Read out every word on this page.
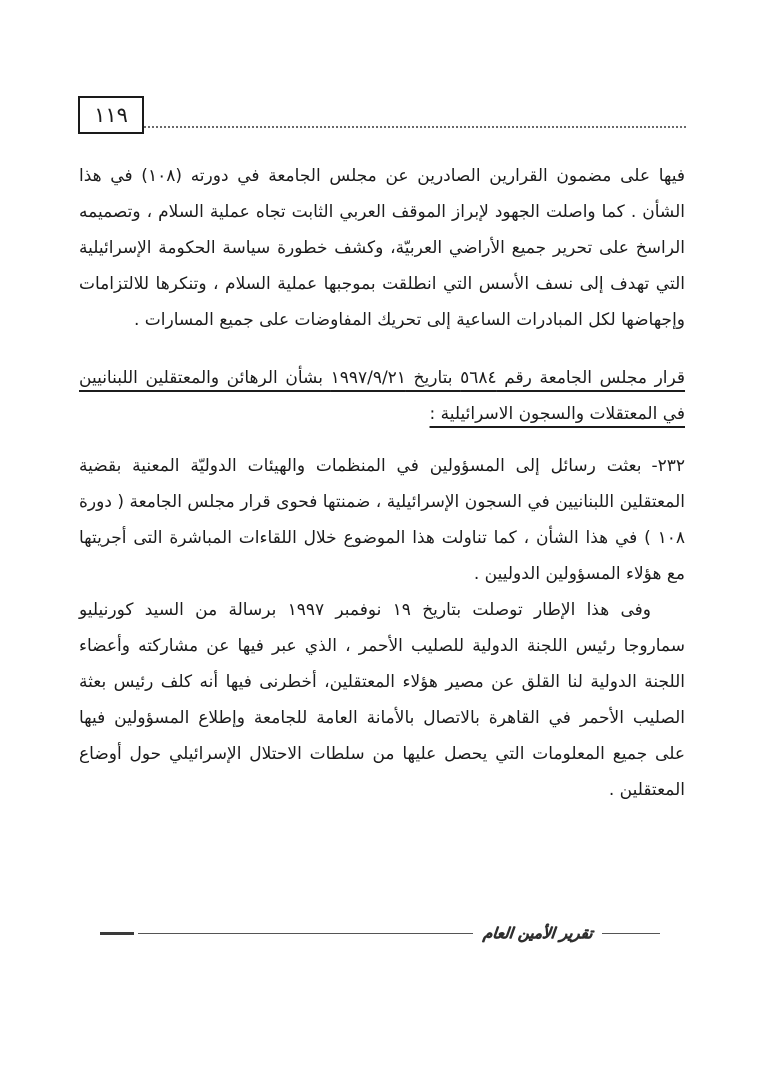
١١٩

فيها على مضمون القرارين الصادرين عن مجلس الجامعة في دورته (١٠٨) في هذا الشأن . كما واصلت الجهود لإبراز الموقف العربي الثابت تجاه عملية السلام ، وتصميمه الراسخ على تحرير جميع الأراضي العربيّة، وكشف خطورة سياسة الحكومة الإسرائيلية التي تهدف إلى نسف الأسس التي انطلقت بموجبها عملية السلام ، وتنكرها للالتزامات وإجهاضها لكل المبادرات الساعية إلى تحريك المفاوضات على جميع المسارات .

قرار مجلس الجامعة رقم ٥٦٨٤ بتاريخ ١٩٩٧/٩/٢١ بشأن الرهائن والمعتقلين اللبنانيين في المعتقلات والسجون الاسرائيلية :

٢٣٢-بعثت رسائل إلى المسؤولين في المنظمات والهيئات الدوليّة المعنية بقضية المعتقلين اللبنانيين في السجون الإسرائيلية ، ضمنتها فحوى قرار مجلس الجامعة ( دورة ١٠٨ ) في هذا الشأن ، كما تناولت هذا الموضوع خلال اللقاءات المباشرة التى أجريتها مع هؤلاء المسؤولين الدوليين .

وفى هذا الإطار توصلت بتاريخ ١٩ نوفمبر ١٩٩٧ برسالة من السيد كورنيليو سماروجا رئيس اللجنة الدولية للصليب الأحمر ، الذي عبر فيها عن مشاركته وأعضاء اللجنة الدولية لنا القلق عن مصير هؤلاء المعتقلين، أخطرنى فيها أنه كلف رئيس بعثة الصليب الأحمر في القاهرة بالاتصال بالأمانة العامة للجامعة وإطلاع المسؤولين فيها على جميع المعلومات التي يحصل عليها من سلطات الاحتلال الإسرائيلي حول أوضاع المعتقلين .

تقرير الأمين العام
